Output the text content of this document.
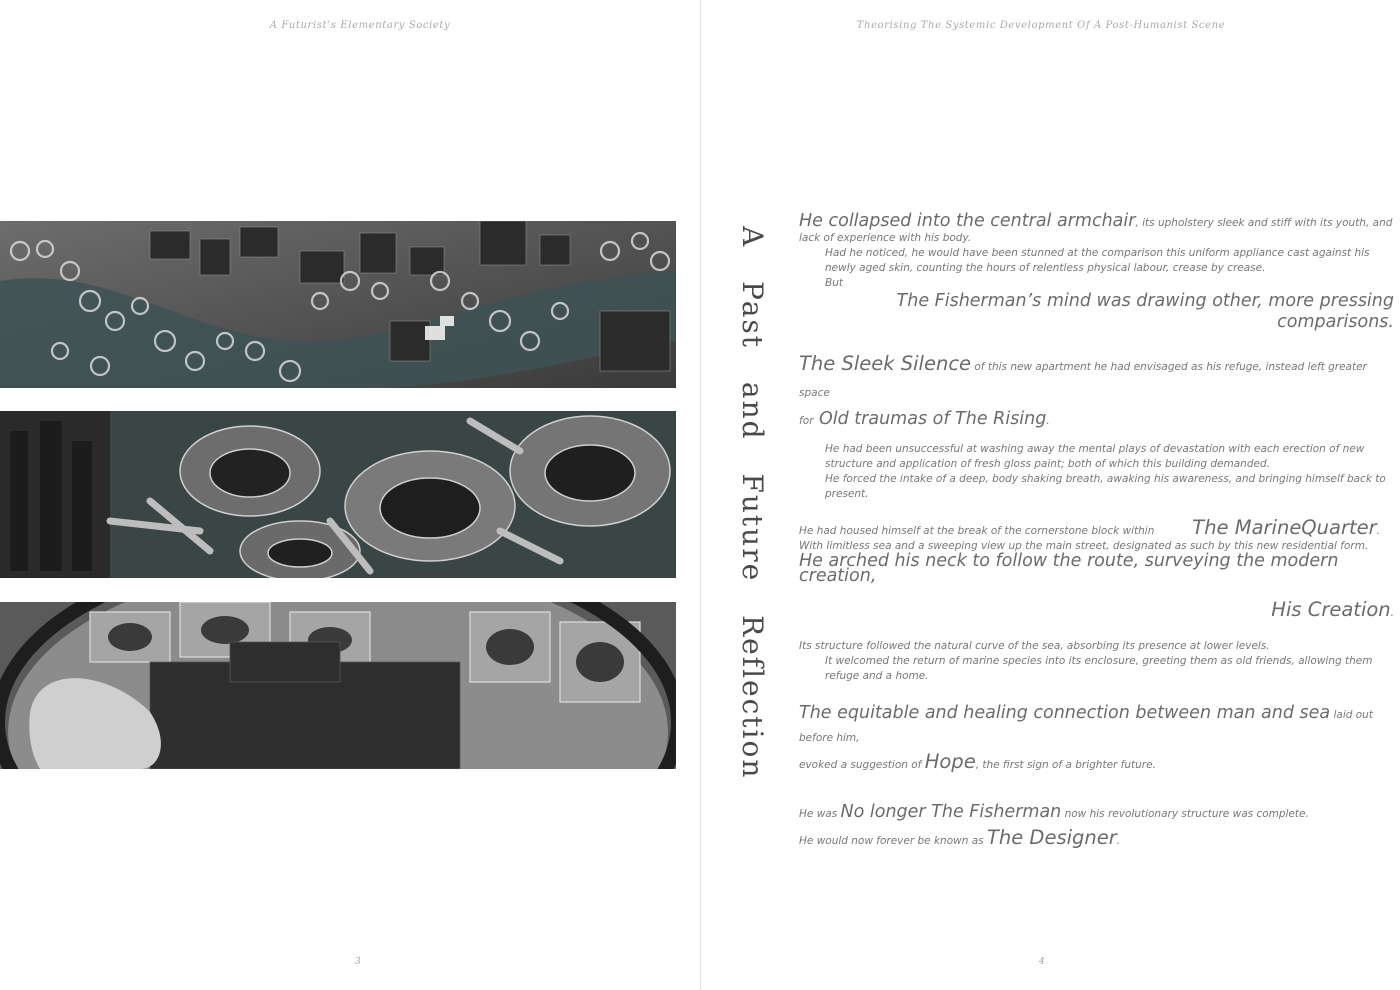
A Futurist’s Elementary Society
3
Theorising The Systemic Development Of A Post-Humanist Scene
A Past and Future Reflection

He collapsed into the central armchair, its upholstery sleek and stiff with its youth, and lack of experience with his body.

Had he noticed, he would have been stunned at the comparison this uniform appliance cast against his newly aged skin, counting the hours of relentless physical labour, crease by crease.

But

The Fisherman’s mind was drawing other, more pressing comparisons.

The Sleek Silence of this new apartment he had envisaged as his refuge, instead left greater space
for Old traumas of The Rising.

He had been unsuccessful at washing away the mental plays of devastation with each erection of new structure and application of fresh gloss paint; both of which this building demanded.

He forced the intake of a deep, body shaking breath, awaking his awareness, and bringing himself back to present.

He had housed himself at the break of the cornerstone block within The MarineQuarter.

With limitless sea and a sweeping view up the main street, designated as such by this new residential form.

He arched his neck to follow the route, surveying the modern creation,

His Creation.

Its structure followed the natural curve of the sea, absorbing its presence at lower levels.

It welcomed the return of marine species into its enclosure, greeting them as old friends, allowing them refuge and a home.

The equitable and healing connection between man and sea laid out before him,
evoked a suggestion of Hope, the first sign of a brighter future.

He was No longer The Fisherman now his revolutionary structure was complete.
He would now forever be known as The Designer.

4
